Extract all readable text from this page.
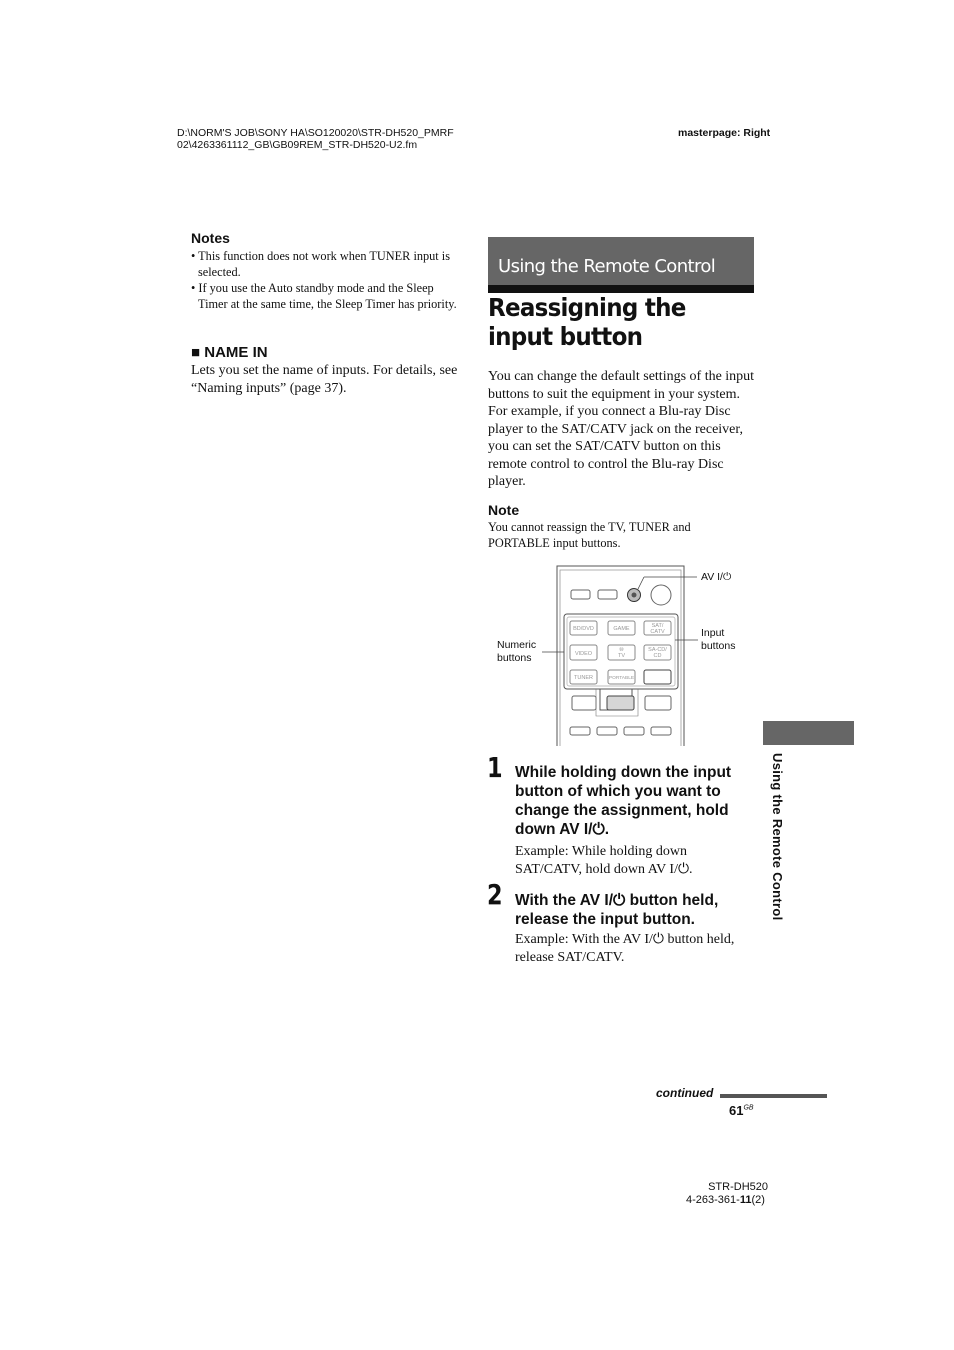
D:\NORM'S JOB\SONY HA\SO120020\STR-DH520_PMRF
02\4263361112_GB\GB09REM_STR-DH520-U2.fm
masterpage: Right
Notes
• This function does not work when TUNER input is selected.
• If you use the Auto standby mode and the Sleep Timer at the same time, the Sleep Timer has priority.
■ NAME IN
Lets you set the name of inputs. For details, see “Naming inputs” (page 37).
Using the Remote Control
Reassigning the input button
You can change the default settings of the input buttons to suit the equipment in your system. For example, if you connect a Blu-ray Disc player to the SAT/CATV jack on the receiver, you can set the SAT/CATV button on this remote control to control the Blu-ray Disc player.
Note
You cannot reassign the TV, TUNER and PORTABLE input buttons.
BD/DVD	GAME	SAT/
CATV
VIDEO
⑩
TV
SA-CD/
CD
TUNER	PORTABLE
AV I/⏻
Input
buttons
Numeric
buttons
1 While holding down the input button of which you want to change the assignment, hold down AV I/⏻.
Example: While holding down SAT/CATV, hold down AV I/⏻.
2 With the AV I/⏻ button held, release the input button.
Example: With the AV I/⏻ button held, release SAT/CATV.
Using the Remote Control
continued
$61^{GB}$
STR-DH520
4-263-361-11(2)
